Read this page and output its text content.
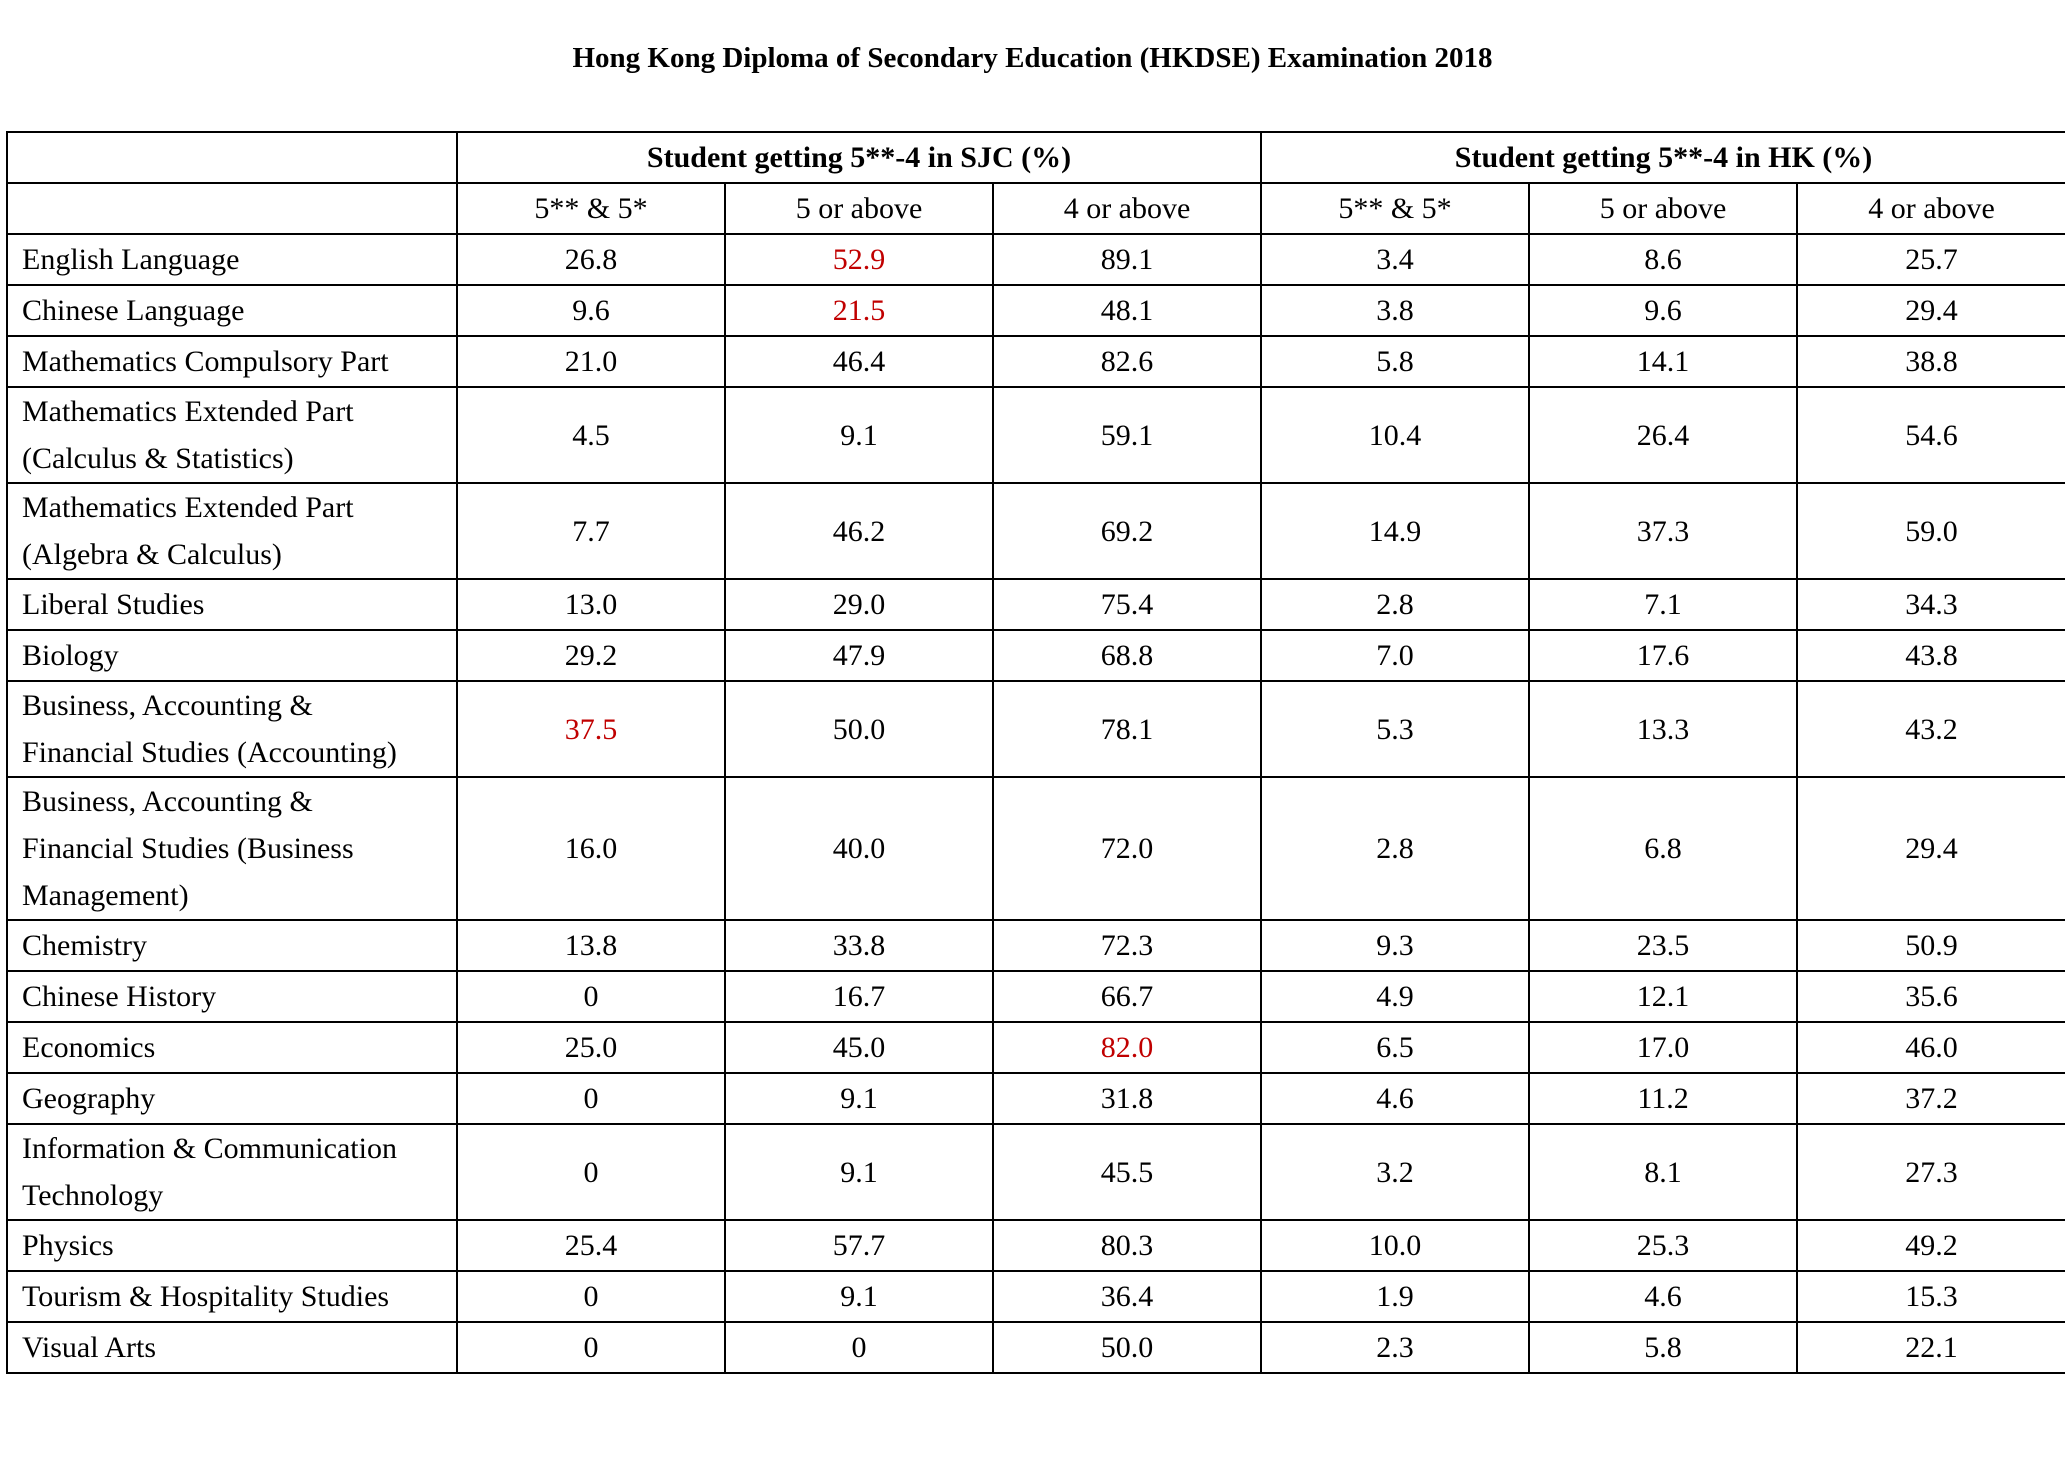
Hong Kong Diploma of Secondary Education (HKDSE) Examination 2018
	Student getting 5**-4 in SJC (%)			Student getting 5**-4 in HK (%)		
	5** & 5*	5 or above	4 or above	5** & 5*	5 or above	4 or above

English Language	26.8	52.9	89.1	3.4	8.6	25.7

Chinese Language	9.6	21.5	48.1	3.8	9.6	29.4

Mathematics Compulsory Part	21.0	46.4	82.6	5.8	14.1	38.8

Mathematics Extended Part
(Calculus & Statistics)	4.5	9.1	59.1	10.4	26.4	54.6

Mathematics Extended Part
(Algebra & Calculus)	7.7	46.2	69.2	14.9	37.3	59.0

Liberal Studies	13.0	29.0	75.4	2.8	7.1	34.3

Biology	29.2	47.9	68.8	7.0	17.6	43.8

Business, Accounting &
Financial Studies (Accounting)	37.5	50.0	78.1	5.3	13.3	43.2

Business, Accounting &
Financial Studies (Business
Management)	16.0	40.0	72.0	2.8	6.8	29.4

Chemistry	13.8	33.8	72.3	9.3	23.5	50.9

Chinese History	0	16.7	66.7	4.9	12.1	35.6

Economics	25.0	45.0	82.0	6.5	17.0	46.0

Geography	0	9.1	31.8	4.6	11.2	37.2

Information & Communication
Technology	0	9.1	45.5	3.2	8.1	27.3

Physics	25.4	57.7	80.3	10.0	25.3	49.2

Tourism & Hospitality Studies	0	9.1	36.4	1.9	4.6	15.3

Visual Arts	0	0	50.0	2.3	5.8	22.1
